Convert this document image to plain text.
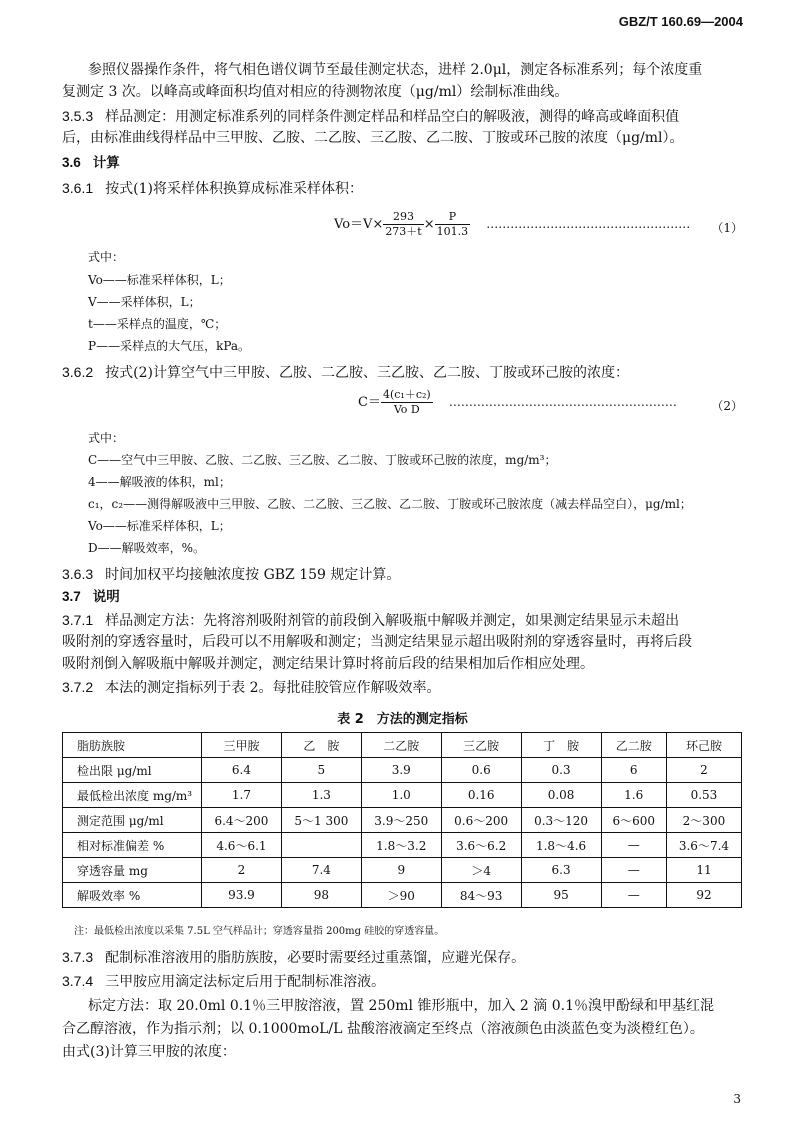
GBZ/T 160.69—2004
参照仪器操作条件，将气相色谱仪调节至最佳测定状态，进样 2.0μl，测定各标准系列；每个浓度重
复测定 3 次。以峰高或峰面积均值对相应的待测物浓度（μg/ml）绘制标准曲线。
3.5.3 样品测定：用测定标准系列的同样条件测定样品和样品空白的解吸液，测得的峰高或峰面积值
后，由标准曲线得样品中三甲胺、乙胺、二乙胺、三乙胺、乙二胺、丁胺或环己胺的浓度（μg/ml）。
3.6 计算
3.6.1 按式(1)将采样体积换算成标准采样体积：
$Vo=V\times \frac{293}{273+t} \times \frac{P}{101.3}$ …………………………………………… （1）
式中：
Vo——标准采样体积，L；
V——采样体积，L；
t——采样点的温度，℃；
P——采样点的大气压，kPa。
3.6.2 按式(2)计算空气中三甲胺、乙胺、二乙胺、三乙胺、乙二胺、丁胺或环己胺的浓度：
$C= \frac{\text{4(c₁＋c₂)}}{\text{Vo D}}$ …………………………………………………	（2）
式中：
C——空气中三甲胺、乙胺、二乙胺、三乙胺、乙二胺、丁胺或环己胺的浓度，mg/m³；
4——解吸液的体积，ml；
c₁，c₂——测得解吸液中三甲胺、乙胺、二乙胺、三乙胺、乙二胺、丁胺或环己胺浓度（减去样品空白），μg/ml；
Vo——标准采样体积，L；
D——解吸效率，%。
3.6.3 时间加权平均接触浓度按 GBZ 159 规定计算。
3.7 说明
3.7.1 样品测定方法：先将溶剂吸附剂管的前段倒入解吸瓶中解吸并测定，如果测定结果显示未超出
吸附剂的穿透容量时，后段可以不用解吸和测定；当测定结果显示超出吸附剂的穿透容量时，再将后段
吸附剂倒入解吸瓶中解吸并测定，测定结果计算时将前后段的结果相加后作相应处理。
3.7.2 本法的测定指标列于表 2。每批硅胶管应作解吸效率。
表 2　方法的测定指标
脂肪族胺	三甲胺	乙　胺	二乙胺	三乙胺	丁　胺	乙二胺	环己胺
检出限 μg/ml	6.4	5	3.9	0.6	0.3	6	2
最低检出浓度 mg/m³	1.7	1.3	1.0	0.16	0.08	1.6	0.53
测定范围 μg/ml	6.4～200	5～1 300	3.9～250	0.6～200	0.3～120	6～600	2～300
相对标准偏差 %	4.6～6.1		1.8～3.2	3.6～6.2	1.8～4.6	—	3.6～7.4
穿透容量 mg	2	7.4	9	＞4	6.3	—	11
解吸效率 %	93.9	98	＞90	84～93	95	—	92
注：最低检出浓度以采集 7.5L 空气样品计；穿透容量指 200mg 硅胶的穿透容量。
3.7.3 配制标准溶液用的脂肪族胺，必要时需要经过重蒸馏，应避光保存。
3.7.4 三甲胺应用滴定法标定后用于配制标准溶液。
标定方法：取 20.0ml 0.1％三甲胺溶液，置 250ml 锥形瓶中，加入 2 滴 0.1％溴甲酚绿和甲基红混
合乙醇溶液，作为指示剂；以 0.1000moL/L 盐酸溶液滴定至终点（溶液颜色由淡蓝色变为淡橙红色）。
由式(3)计算三甲胺的浓度：
3
